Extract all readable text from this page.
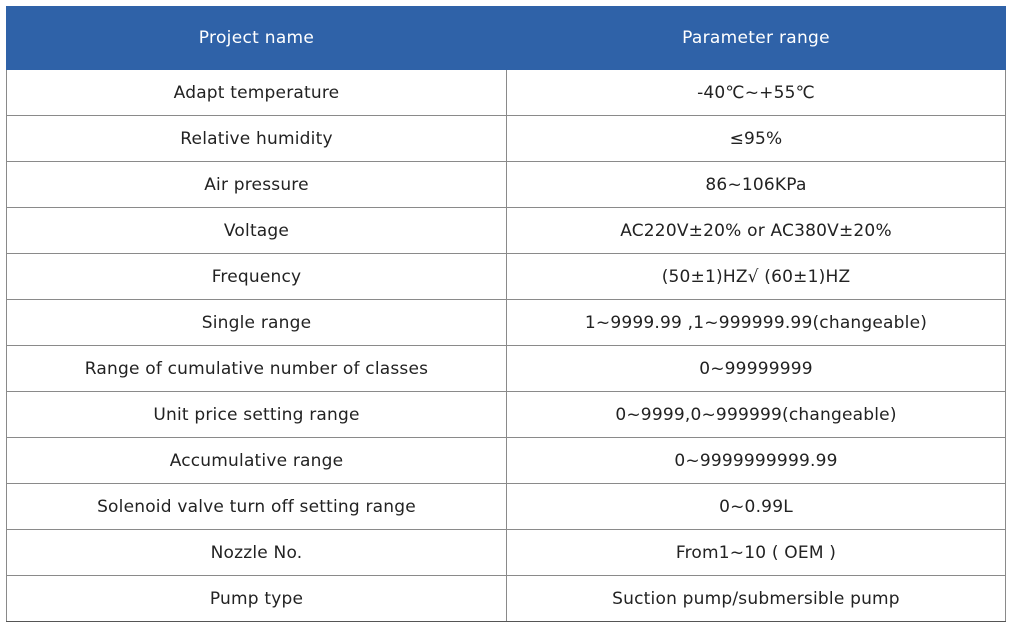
Project name	Parameter range
Adapt temperature	-40℃~+55℃
Relative humidity	≤95%
Air pressure	86~106KPa
Voltage	AC220V±20% or AC380V±20%
Frequency	(50±1)HZ√ (60±1)HZ
Single range	1~9999.99 ,1~999999.99(changeable)
Range of cumulative number of classes	0~99999999
Unit price setting range	0~9999,0~999999(changeable)
Accumulative range	0~9999999999.99
Solenoid valve turn off setting range	0~0.99L
Nozzle No.	From1~10 ( OEM )
Pump type	Suction pump/submersible pump
